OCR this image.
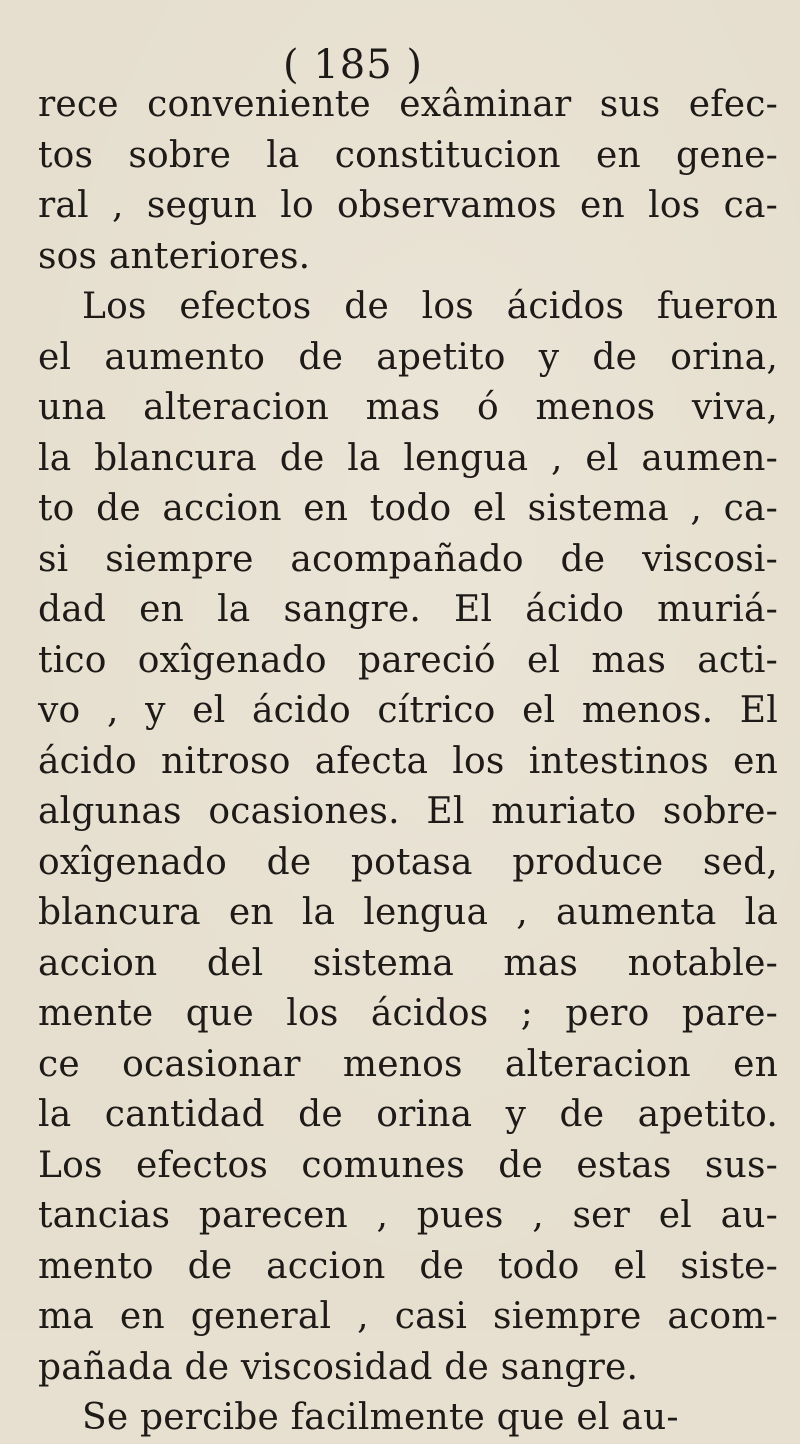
( 185 )
rece conveniente exâminar sus efec-
tos sobre la constitucion en gene-
ral , segun lo observamos en los ca-
sos anteriores.
Los efectos de los ácidos fueron
el aumento de apetito y de orina,
una alteracion mas ó menos viva,
la blancura de la lengua , el aumen-
to de accion en todo el sistema , ca-
si siempre acompañado de viscosi-
dad en la sangre. El ácido muriá-
tico oxîgenado pareció el mas acti-
vo , y el ácido cítrico el menos. El
ácido nitroso afecta los intestinos en
algunas ocasiones. El muriato sobre-
oxîgenado de potasa produce sed,
blancura en la lengua , aumenta la
accion del sistema mas notable-
mente que los ácidos ; pero pare-
ce ocasionar menos alteracion en
la cantidad de orina y de apetito.
Los efectos comunes de estas sus-
tancias parecen , pues , ser el au-
mento de accion de todo el siste-
ma en general , casi siempre acom-
pañada de viscosidad de sangre.
Se percibe facilmente que el au-
